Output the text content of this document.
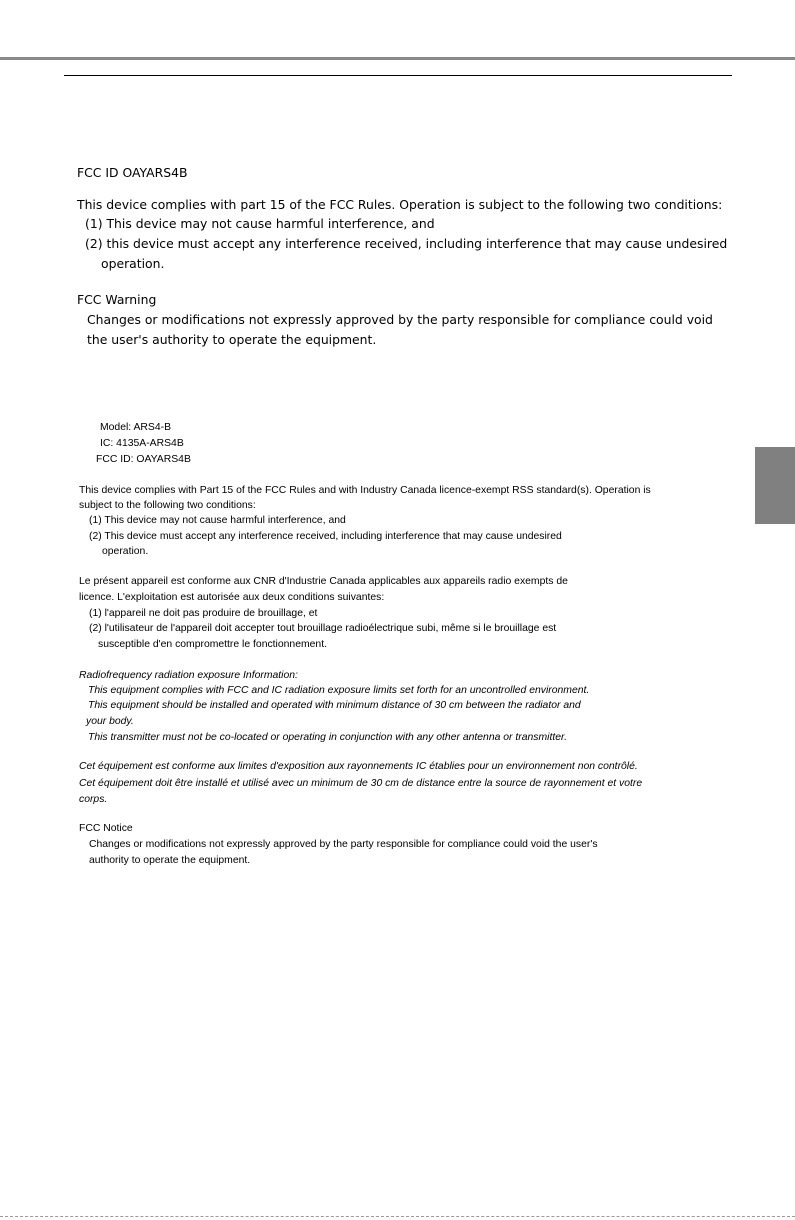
FCC ID OAYARS4B
This device complies with part 15 of the FCC Rules. Operation is subject to the following two conditions:
(1) This device may not cause harmful interference, and
(2) this device must accept any interference received, including interference that may cause undesired
operation.
FCC Warning
Changes or modifications not expressly approved by the party responsible for compliance could void
the user's authority to operate the equipment.
Model: ARS4-B
IC: 4135A-ARS4B
FCC ID: OAYARS4B
This device complies with Part 15 of the FCC Rules and with Industry Canada licence-exempt RSS standard(s). Operation is
subject to the following two conditions:
(1) This device may not cause harmful interference, and
(2) This device must accept any interference received, including interference that may cause undesired
operation.
Le présent appareil est conforme aux CNR d'Industrie Canada applicables aux appareils radio exempts de
licence. L'exploitation est autorisée aux deux conditions suivantes:
(1) l'appareil ne doit pas produire de brouillage, et
(2) l'utilisateur de l'appareil doit accepter tout brouillage radioélectrique subi, même si le brouillage est
susceptible d'en compromettre le fonctionnement.
Radiofrequency radiation exposure Information:
This equipment complies with FCC and IC radiation exposure limits set forth for an uncontrolled environment.
This equipment should be installed and operated with minimum distance of 30 cm between the radiator and
your body.
This transmitter must not be co-located or operating in conjunction with any other antenna or transmitter.
Cet équipement est conforme aux limites d'exposition aux rayonnements IC établies pour un environnement non contrôlé.
Cet équipement doit être installé et utilisé avec un minimum de 30 cm de distance entre la source de rayonnement et votre
corps.
FCC Notice
Changes or modifications not expressly approved by the party responsible for compliance could void the user's
authority to operate the equipment.
